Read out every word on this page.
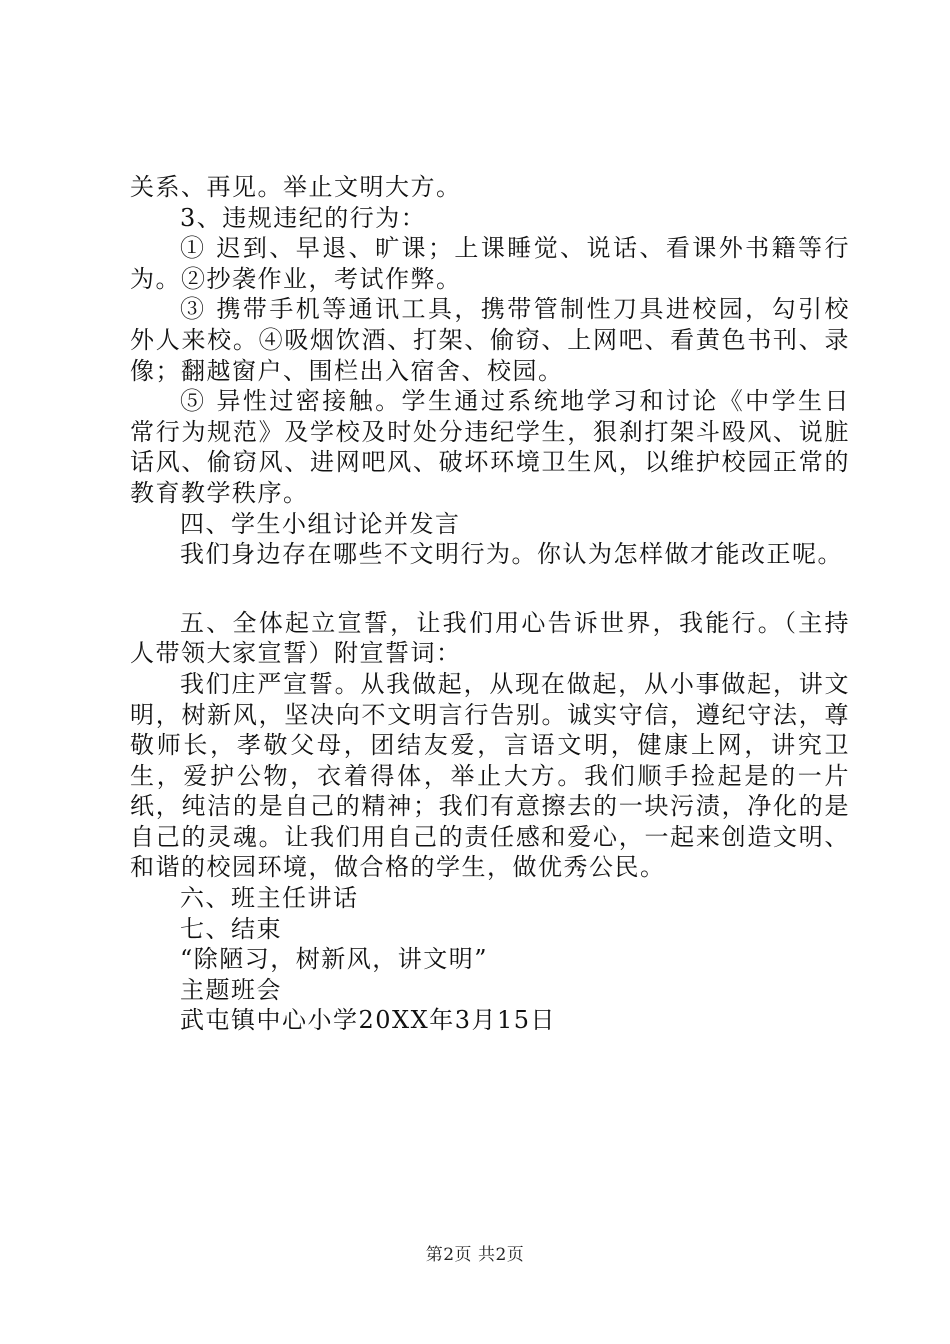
关系、再见。举止文明大方。

3、违规违纪的行为：

① 迟到、早退、旷课；上课睡觉、说话、看课外书籍等行为。②抄袭作业，考试作弊。

③ 携带手机等通讯工具，携带管制性刀具进校园，勾引校外人来校。④吸烟饮酒、打架、偷窃、上网吧、看黄色书刊、录像；翻越窗户、围栏出入宿舍、校园。

⑤ 异性过密接触。学生通过系统地学习和讨论《中学生日常行为规范》及学校及时处分违纪学生，狠刹打架斗殴风、说脏话风、偷窃风、进网吧风、破坏环境卫生风，以维护校园正常的教育教学秩序。

四、学生小组讨论并发言

我们身边存在哪些不文明行为。你认为怎样做才能改正呢。

五、全体起立宣誓，让我们用心告诉世界，我能行。（主持人带领大家宣誓）附宣誓词：

我们庄严宣誓。从我做起，从现在做起，从小事做起，讲文明，树新风，坚决向不文明言行告别。诚实守信，遵纪守法，尊敬师长，孝敬父母，团结友爱，言语文明，健康上网，讲究卫生，爱护公物，衣着得体，举止大方。我们顺手捡起是的一片纸，纯洁的是自己的精神；我们有意擦去的一块污渍，净化的是自己的灵魂。让我们用自己的责任感和爱心，一起来创造文明、和谐的校园环境，做合格的学生，做优秀公民。

六、班主任讲话

七、结束

“除陋习，树新风，讲文明”

主题班会

武屯镇中心小学20XX年3月15日

第2页 共2页
